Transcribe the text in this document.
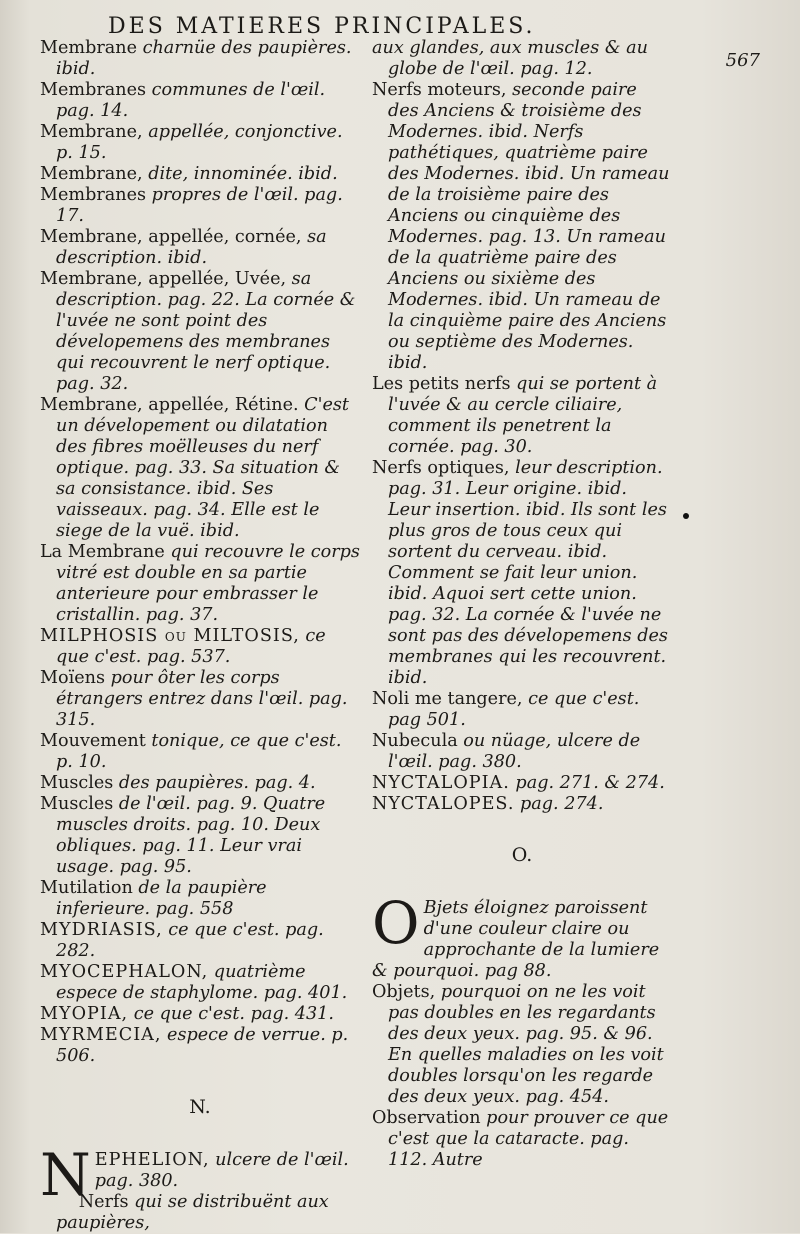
DES MATIERES PRINCIPALES.
567
Membrane charnüe des paupières. ibid.
Membranes communes de l'œil. pag. 14.
Membrane, appellée, conjonctive. p. 15.
Membrane, dite, innominée. ibid.
Membranes propres de l'œil. pag. 17.
Membrane, appellée, cornée, sa description. ibid.
Membrane, appellée, Uvée, sa description. pag. 22. La cornée & l'uvée ne sont point des dévelopemens des membranes qui recouvrent le nerf optique. pag. 32.
Membrane, appellée, Rétine. C'est un dévelopement ou dilatation des fibres moëlleuses du nerf optique. pag. 33. Sa situation & sa consistance. ibid. Ses vaisseaux. pag. 34. Elle est le siege de la vuë. ibid.
La Membrane qui recouvre le corps vitré est double en sa partie anterieure pour embrasser le cristallin. pag. 37.
MILPHOSIS ou MILTOSIS, ce que c'est. pag. 537.
Moïens pour ôter les corps étrangers entrez dans l'œil. pag. 315.
Mouvement tonique, ce que c'est. p. 10.
Muscles des paupières. pag. 4.
Muscles de l'œil. pag. 9. Quatre muscles droits. pag. 10. Deux obliques. pag. 11. Leur vrai usage. pag. 95.
Mutilation de la paupière inferieure. pag. 558
MYDRIASIS, ce que c'est. pag. 282.
MYOCEPHALON, quatrième espece de staphylome. pag. 401.
MYOPIA, ce que c'est. pag. 431.
MYRMECIA, espece de verrue. p. 506.
N.
NEPHELION, ulcere de l'œil. pag. 380.
Nerfs qui se distribuënt aux paupières,
aux glandes, aux muscles & au globe de l'œil. pag. 12.
Nerfs moteurs, seconde paire des Anciens & troisième des Modernes. ibid. Nerfs pathétiques, quatrième paire des Modernes. ibid. Un rameau de la troisième paire des Anciens ou cinquième des Modernes. pag. 13. Un rameau de la quatrième paire des Anciens ou sixième des Modernes. ibid. Un rameau de la cinquième paire des Anciens ou septième des Modernes. ibid.
Les petits nerfs qui se portent à l'uvée & au cercle ciliaire, comment ils penetrent la cornée. pag. 30.
Nerfs optiques, leur description. pag. 31. Leur origine. ibid. Leur insertion. ibid. Ils sont les plus gros de tous ceux qui sortent du cerveau. ibid. Comment se fait leur union. ibid. Aquoi sert cette union. pag. 32. La cornée & l'uvée ne sont pas des dévelopemens des membranes qui les recouvrent. ibid.
Noli me tangere, ce que c'est. pag 501.
Nubecula ou nüage, ulcere de l'œil. pag. 380.
NYCTALOPIA. pag. 271. & 274.
NYCTALOPES. pag. 274.
O.
O Bjets éloignez paroissent d'une couleur claire ou approchante de la lumiere & pourquoi. pag 88.
Objets, pourquoi on ne les voit pas doubles en les regardants des deux yeux. pag. 95. & 96. En quelles maladies on les voit doubles lorsqu'on les regarde des deux yeux. pag. 454.
Observation pour prouver ce que c'est que la cataracte. pag. 112. Autre
